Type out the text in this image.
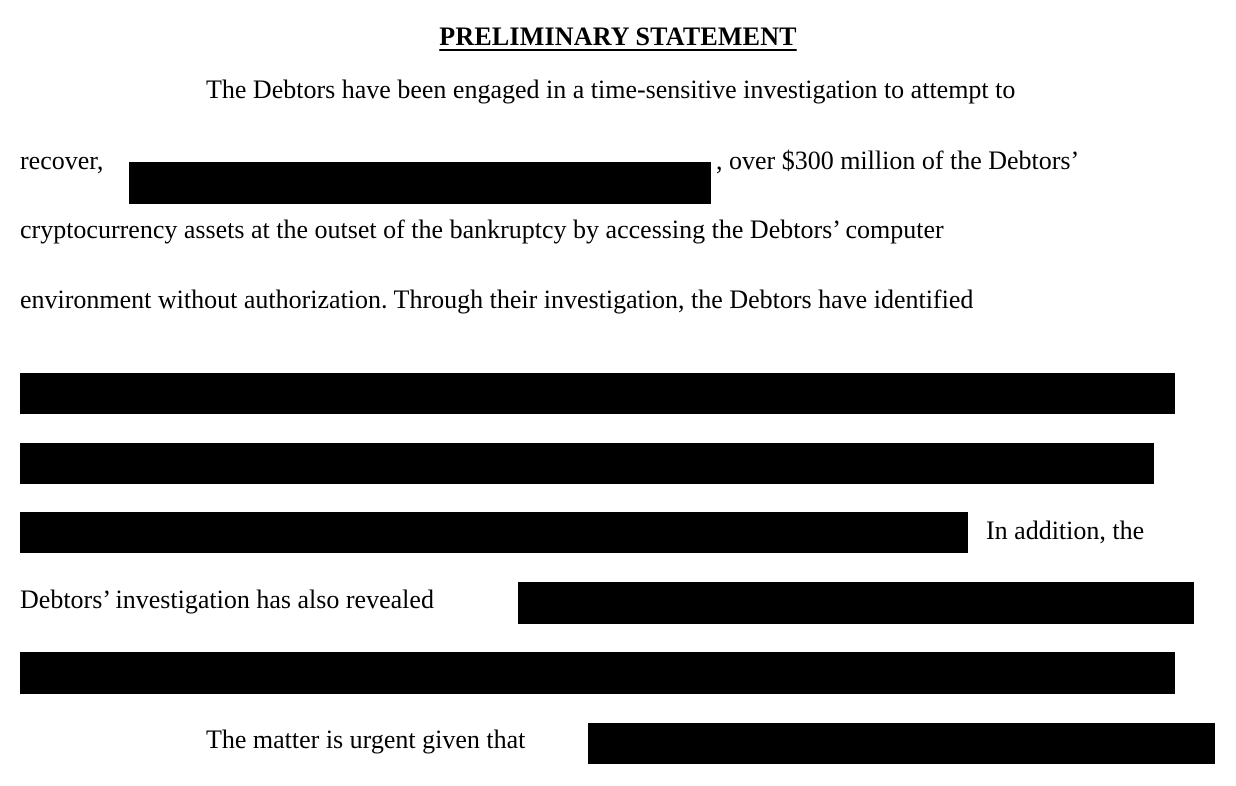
PRELIMINARY STATEMENT
The Debtors have been engaged in a time-sensitive investigation to attempt to
recover,	, over $300 million of the Debtors’
cryptocurrency assets at the outset of the bankruptcy by accessing the Debtors’ computer
environment without authorization. Through their investigation, the Debtors have identified
In addition, the
Debtors’ investigation has also revealed
The matter is urgent given that
